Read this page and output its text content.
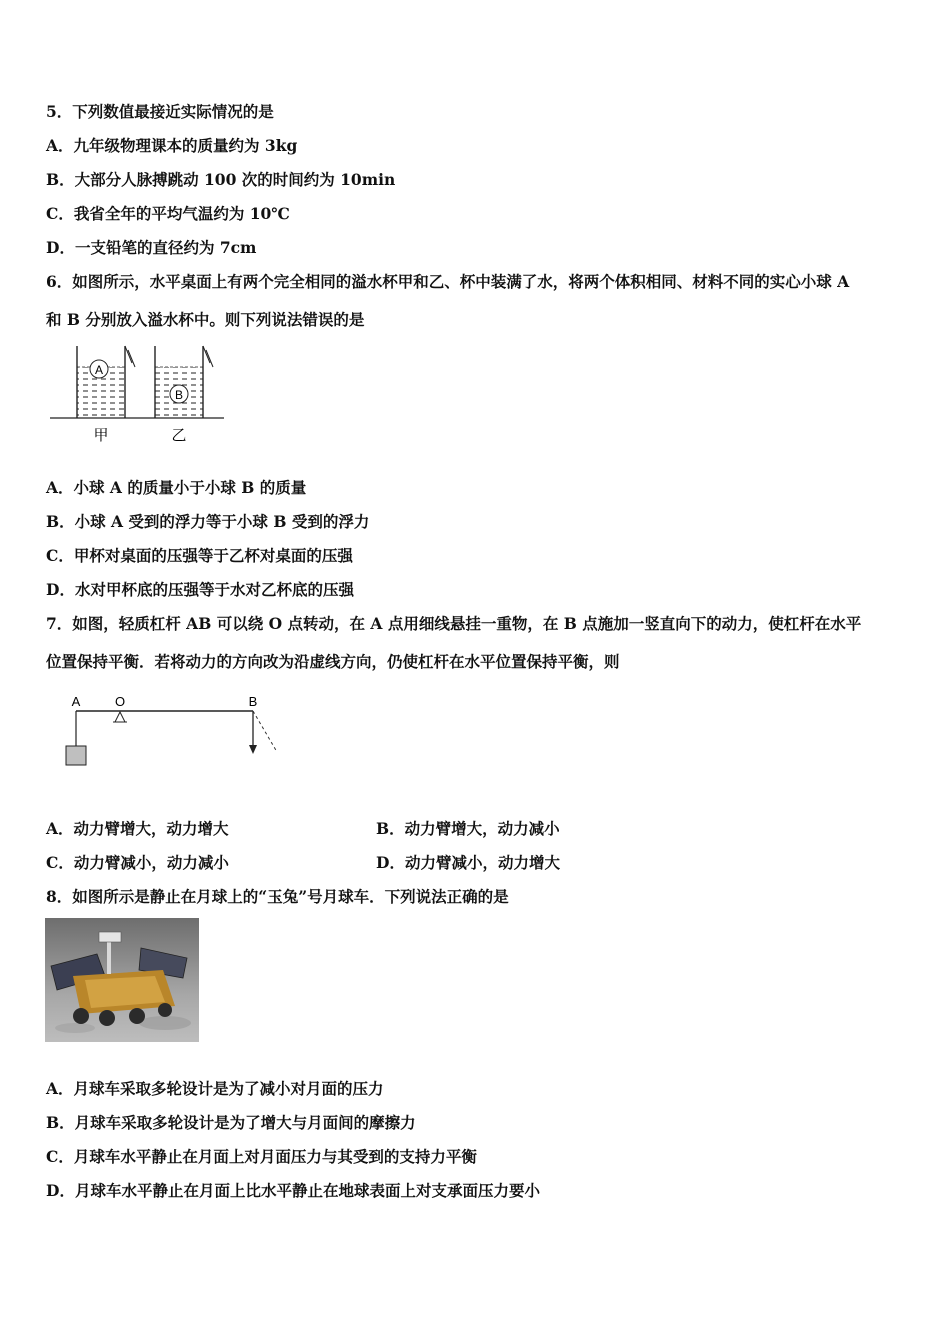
5．下列数值最接近实际情况的是
A．九年级物理课本的质量约为 3kg
B．大部分人脉搏跳动 100 次的时间约为 10min
C．我省全年的平均气温约为 10℃
D．一支铅笔的直径约为 7cm
6．如图所示，水平桌面上有两个完全相同的溢水杯甲和乙、杯中装满了水，将两个体积相同、材料不同的实心小球 A
和 B 分别放入溢水杯中。则下列说法错误的是
A
B
甲	乙
A．小球 A 的质量小于小球 B 的质量
B．小球 A 受到的浮力等于小球 B 受到的浮力
C．甲杯对桌面的压强等于乙杯对桌面的压强
D．水对甲杯底的压强等于水对乙杯底的压强
7．如图，轻质杠杆 AB 可以绕 O 点转动，在 A 点用细线悬挂一重物，在 B 点施加一竖直向下的动力，使杠杆在水平
位置保持平衡．若将动力的方向改为沿虚线方向，仍使杠杆在水平位置保持平衡，则
A	O	B
A．动力臂增大，动力增大	B．动力臂增大，动力减小
C．动力臂减小，动力减小	D．动力臂减小，动力增大
8．如图所示是静止在月球上的“玉兔”号月球车．下列说法正确的是
A．月球车采取多轮设计是为了减小对月面的压力
B．月球车采取多轮设计是为了增大与月面间的摩擦力
C．月球车水平静止在月面上对月面压力与其受到的支持力平衡
D．月球车水平静止在月面上比水平静止在地球表面上对支承面压力要小
